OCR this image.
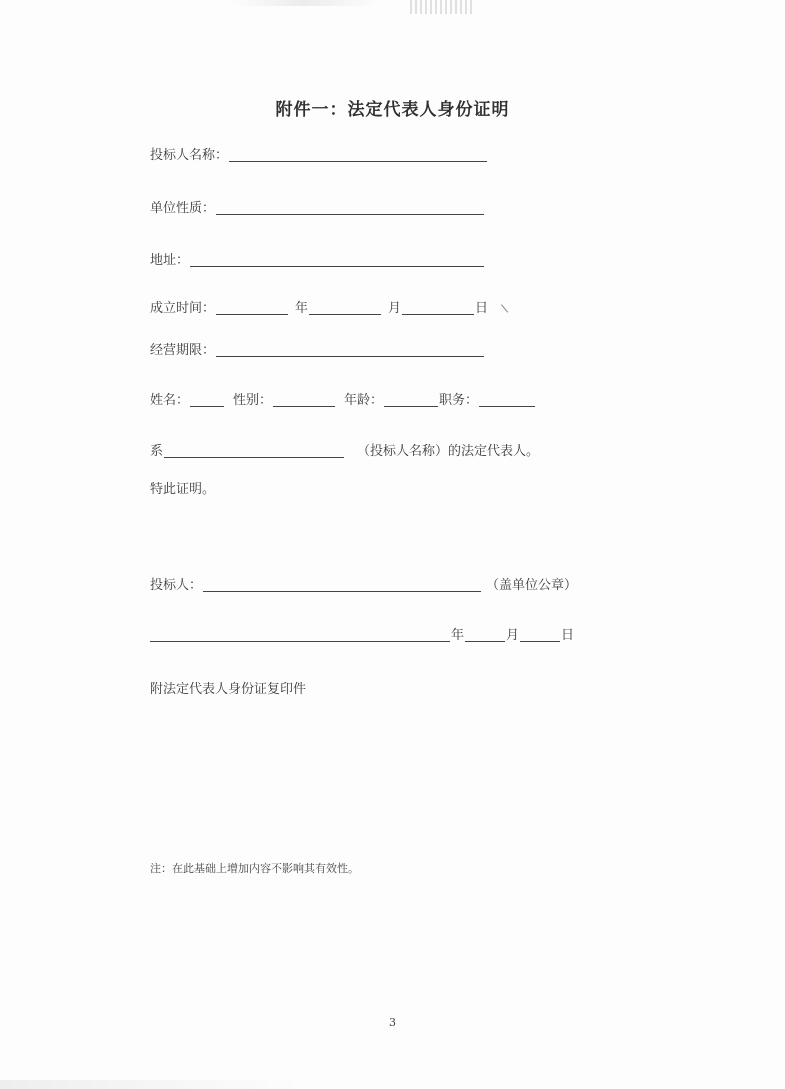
附件一：法定代表人身份证明
投标人名称：
单位性质：
地址：
成立时间：	年	月	日
经营期限：
姓名：	性别：	年龄：	职务：
系	（投标人名称）的法定代表人。
特此证明。
投标人：	（盖单位公章）
年	月	日
附法定代表人身份证复印件
注：在此基础上增加内容不影响其有效性。
3
